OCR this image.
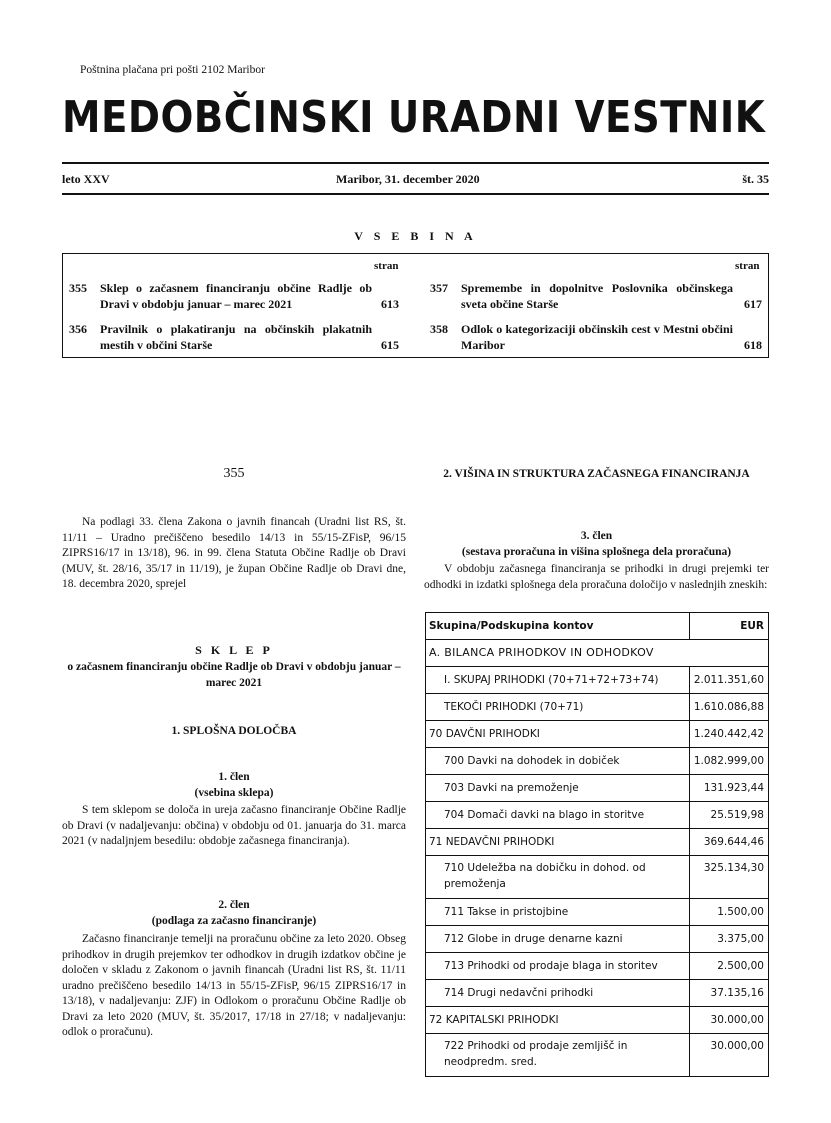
Poštnina plačana pri pošti 2102 Maribor
MEDOBČINSKI URADNI VESTNIK
leto XXV	Maribor, 31. december 2020	št. 35
V S E B I N A
stran	stran
355 Sklep o začasnem financiranju občine Radlje ob Dravi v obdobju januar – marec 2021	613
356 Pravilnik o plakatiranju na občinskih plakatnih mestih v občini Starše	615
357 Spremembe in dopolnitve Poslovnika občinskega sveta občine Starše	617
358 Odlok o kategorizaciji občinskih cest v Mestni občini Maribor	618
355

Na podlagi 33. člena Zakona o javnih financah (Uradni list RS, št. 11/11 – Uradno prečiščeno besedilo 14/13 in 55/15-ZFisP, 96/15 ZIPRS16/17 in 13/18), 96. in 99. člena Statuta Občine Radlje ob Dravi (MUV, št. 28/16, 35/17 in 11/19), je župan Občine Radlje ob Dravi dne, 18. decembra 2020, sprejel

S K L E P
o začasnem financiranju občine Radlje ob Dravi v obdobju januar – marec 2021
1. SPLOŠNA DOLOČBA
1. člen
(vsebina sklepa)

S tem sklepom se določa in ureja začasno financiranje Občine Radlje ob Dravi (v nadaljevanju: občina) v obdobju od 01. januarja do 31. marca 2021 (v nadaljnjem besedilu: obdobje začasnega financiranja).

2. člen
(podlaga za začasno financiranje)

Začasno financiranje temelji na proračunu občine za leto 2020. Obseg prihodkov in drugih prejemkov ter odhodkov in drugih izdatkov občine je določen v skladu z Zakonom o javnih financah (Uradni list RS, št. 11/11 uradno prečiščeno besedilo 14/13 in 55/15-ZFisP, 96/15 ZIPRS16/17 in 13/18), v nadaljevanju: ZJF) in Odlokom o proračunu Občine Radlje ob Dravi za leto 2020 (MUV, št. 35/2017, 17/18 in 27/18; v nadaljevanju: odlok o proračunu).

2. VIŠINA IN STRUKTURA ZAČASNEGA FINANCIRANJA
3. člen
(sestava proračuna in višina splošnega dela proračuna)

V obdobju začasnega financiranja se prihodki in drugi prejemki ter odhodki in izdatki splošnega dela proračuna določijo v naslednjih zneskih:

Skupina/Podskupina kontov	EUR
A. BILANCA PRIHODKOV IN ODHODKOV	
I. SKUPAJ PRIHODKI (70+71+72+73+74)	2.011.351,60
TEKOČI PRIHODKI (70+71)	1.610.086,88
70 DAVČNI PRIHODKI	1.240.442,42
700 Davki na dohodek in dobiček	1.082.999,00
703 Davki na premoženje	131.923,44
704 Domači davki na blago in storitve	25.519,98
71 NEDAVČNI PRIHODKI	369.644,46
710 Udeležba na dobičku in dohod. od premoženja	325.134,30
711 Takse in pristojbine	1.500,00
712 Globe in druge denarne kazni	3.375,00
713 Prihodki od prodaje blaga in storitev	2.500,00
714 Drugi nedavčni prihodki	37.135,16
72 KAPITALSKI PRIHODKI	30.000,00
722 Prihodki od prodaje zemljišč in neodpredm. sred.	30.000,00
